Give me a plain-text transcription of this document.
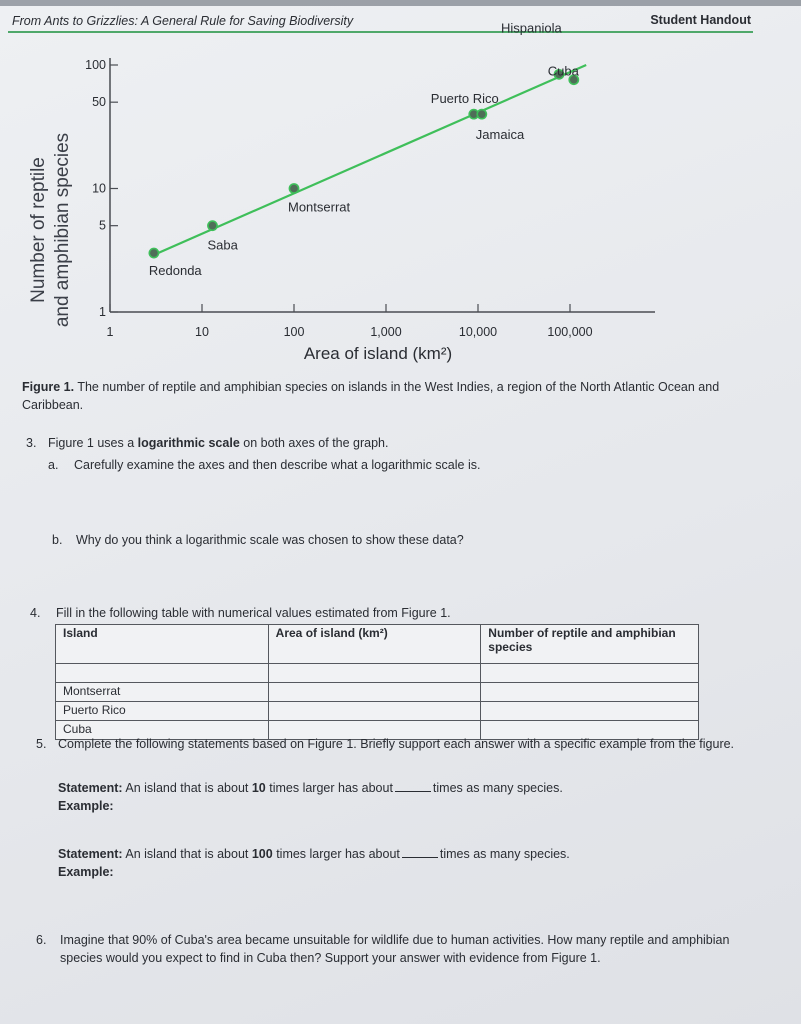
From Ants to Grizzlies: A General Rule for Saving Biodiversity	Student Handout
Number of reptile and amphibian species
Area of island (km²)
1	10	100	1,000	10,000	100,000
1
5
10
50
100
Redonda
Saba
Montserrat
Puerto Rico
Jamaica
Hispaniola
Cuba
Figure 1. The number of reptile and amphibian species on islands in the West Indies, a region of the North Atlantic Ocean and Caribbean.
3. Figure 1 uses a logarithmic scale on both axes of the graph.
a. Carefully examine the axes and then describe what a logarithmic scale is.
b. Why do you think a logarithmic scale was chosen to show these data?
4. Fill in the following table with numerical values estimated from Figure 1.
Island	Area of island (km²)	Number of reptile and amphibian species

Montserrat		
Puerto Rico		
Cuba		
5. Complete the following statements based on Figure 1. Briefly support each answer with a specific example from the figure.
Statement: An island that is about 10 times larger has about	times as many species.
Example:
Statement: An island that is about 100 times larger has about	times as many species.
Example:
6.	Imagine that 90% of Cuba's area became unsuitable for wildlife due to human activities. How many reptile and amphibian species would you expect to find in Cuba then? Support your answer with evidence from Figure 1.
